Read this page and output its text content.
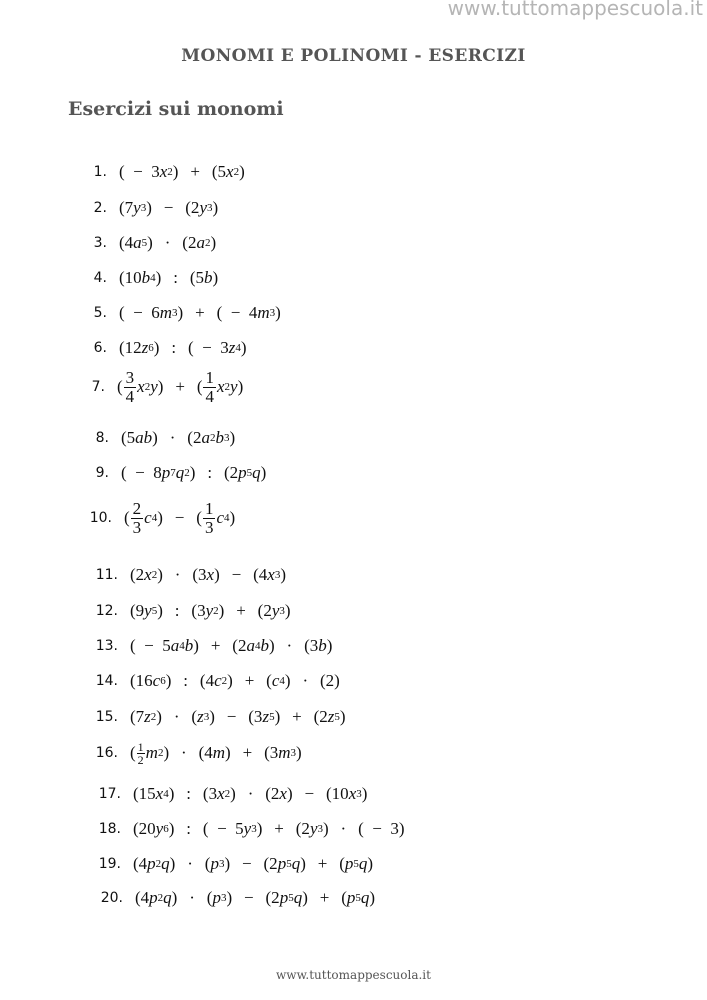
www.tuttomappescuola.it
MONOMI E POLINOMI - ESERCIZI
Esercizi sui monomi
1. ( − 3 x 2 )  +  (5 x 2 )
2. (7 y 3 )  −  (2 y 3 )
3. (4 a 5 )  ·  (2 a 2 )
4. (10 b 4 )  :  (5 b )
5. ( − 6 m 3 )  +  ( − 4 m 3 )
6. (12 z 6 )  :  ( − 3 z 4 )
7. ( $\frac{3}{4}$ x 2 y )  +  ( $\frac{1}{4}$ x 2 y )
8. (5 a b )  ·  (2 a 2 b 3 )
9. ( − 8 p 7 q 2 )  :  (2 p 5 q )
10. ( $\frac{2}{3}$ c 4 )  −  ( $\frac{1}{3}$ c 4 )
11. (2 x 2 )  ·  (3 x )  −  (4 x 3 )
12. (9 y 5 )  :  (3 y 2 )  +  (2 y 3 )
13. ( − 5 a 4 b )  +  (2 a 4 b )  ·  (3 b )
14. (16 c 6 )  :  (4 c 2 )  +  ( c 4 )  ·  (2)
15. (7 z 2 )  ·  ( z 3 )  −  (3 z 5 )  +  (2 z 5 )
16. ( $\frac{1}{2}$ m 2 )  ·  (4 m )  +  (3 m 3 )
17. (15 x 4 )  :  (3 x 2 )  ·  (2 x )  −  (10 x 3 )
18. (20 y 6 )  :  ( − 5 y 3 )  +  (2 y 3 )  ·  ( − 3)
19. (4 p 2 q )  ·  ( p 3 )  −  (2 p 5 q )  +  ( p 5 q )
20. (4 p 2 q )  ·  ( p 3 )  −  (2 p 5 q )  +  ( p 5 q )
www.tuttomappescuola.it
